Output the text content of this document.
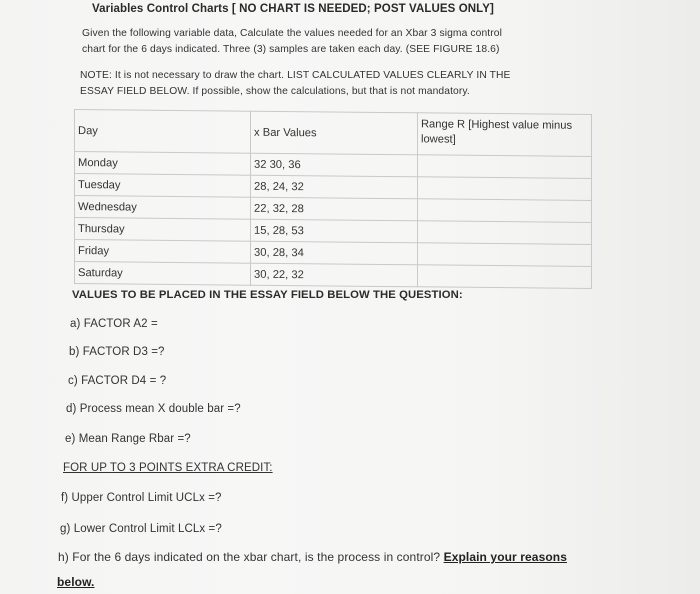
Variables Control Charts [ NO CHART IS NEEDED; POST VALUES ONLY]
Given the following variable data, Calculate the values needed for an Xbar 3 sigma control
chart for the 6 days indicated. Three (3) samples are taken each day. (SEE FIGURE 18.6)
NOTE: It is not necessary to draw the chart. LIST CALCULATED VALUES CLEARLY IN THE
ESSAY FIELD BELOW. If possible, show the calculations, but that is not mandatory.
Day	x Bar Values	Range R [Highest value minus lowest]
Monday	32 30, 36	
Tuesday	28, 24, 32	
Wednesday	22, 32, 28	
Thursday	15, 28, 53	
Friday	30, 28, 34	
Saturday	30, 22, 32	
VALUES TO BE PLACED IN THE ESSAY FIELD BELOW THE QUESTION:
a) FACTOR A2 =
b) FACTOR D3 =?
c) FACTOR D4 = ?
d) Process mean X double bar =?
e) Mean Range Rbar =?
FOR UP TO 3 POINTS EXTRA CREDIT:
f) Upper Control Limit UCLx =?
g) Lower Control Limit LCLx =?
h) For the 6 days indicated on the xbar chart, is the process in control? Explain your reasons
below.
